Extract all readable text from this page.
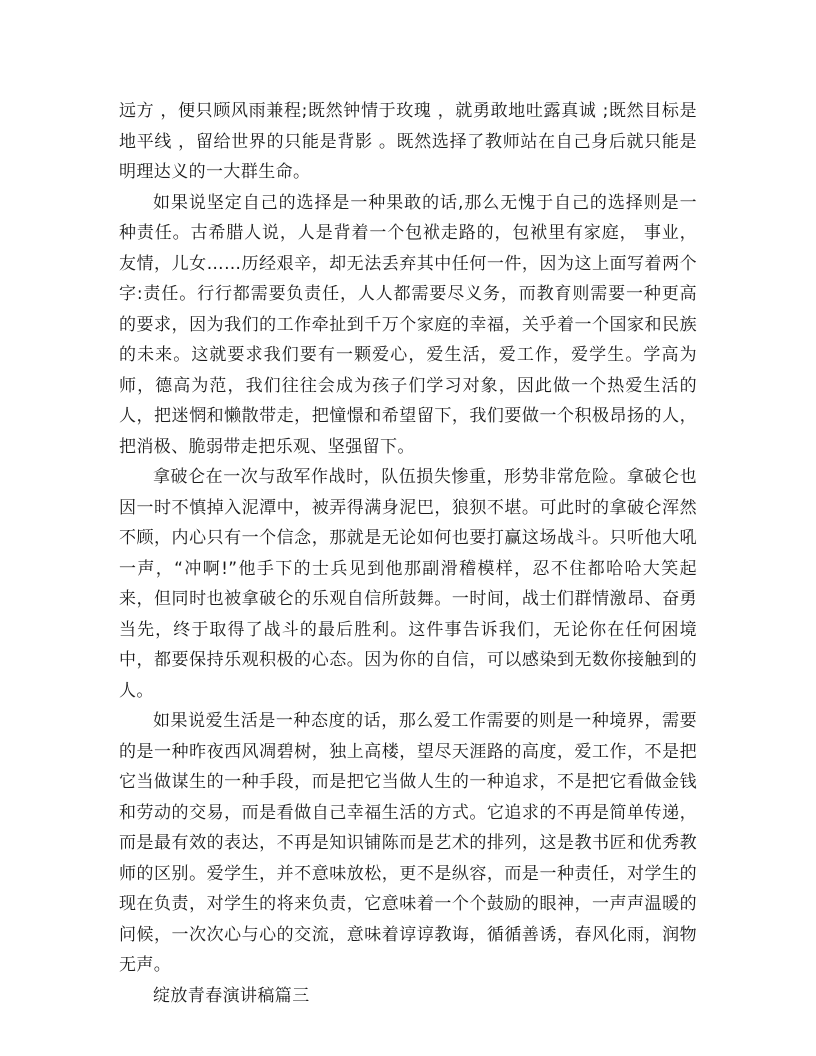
远方 ，便只顾风雨兼程;既然钟情于玫瑰 ，就勇敢地吐露真诚 ;既然目标是地平线 ，留给世界的只能是背影 。既然选择了教师站在自己身后就只能是明理达义的一大群生命。

如果说坚定自己的选择是一种果敢的话,那么无愧于自己的选择则是一种责任。古希腊人说，人是背着一个包袱走路的，包袱里有家庭， 事业，友情，儿女……历经艰辛，却无法丢弃其中任何一件，因为这上面写着两个字:责任。行行都需要负责任，人人都需要尽义务，而教育则需要一种更高的要求，因为我们的工作牵扯到千万个家庭的幸福，关乎着一个国家和民族的未来。这就要求我们要有一颗爱心，爱生活，爱工作，爱学生。学高为师，德高为范，我们往往会成为孩子们学习对象，因此做一个热爱生活的人，把迷惘和懒散带走，把憧憬和希望留下，我们要做一个积极昂扬的人，把消极、脆弱带走把乐观、坚强留下。

拿破仑在一次与敌军作战时，队伍损失惨重，形势非常危险。拿破仑也因一时不慎掉入泥潭中，被弄得满身泥巴，狼狈不堪。可此时的拿破仑浑然不顾，内心只有一个信念，那就是无论如何也要打赢这场战斗。只听他大吼一声，“冲啊!”他手下的士兵见到他那副滑稽模样，忍不住都哈哈大笑起来，但同时也被拿破仑的乐观自信所鼓舞。一时间，战士们群情激昂、奋勇当先，终于取得了战斗的最后胜利。这件事告诉我们，无论你在任何困境中，都要保持乐观积极的心态。因为你的自信，可以感染到无数你接触到的人。

如果说爱生活是一种态度的话，那么爱工作需要的则是一种境界，需要的是一种昨夜西风凋碧树，独上高楼，望尽天涯路的高度，爱工作，不是把它当做谋生的一种手段，而是把它当做人生的一种追求，不是把它看做金钱和劳动的交易，而是看做自己幸福生活的方式。它追求的不再是简单传递，而是最有效的表达，不再是知识铺陈而是艺术的排列，这是教书匠和优秀教师的区别。爱学生，并不意味放松，更不是纵容，而是一种责任，对学生的现在负责，对学生的将来负责，它意味着一个个鼓励的眼神，一声声温暖的问候，一次次心与心的交流，意味着谆谆教诲，循循善诱，春风化雨，润物无声。

绽放青春演讲稿篇三
